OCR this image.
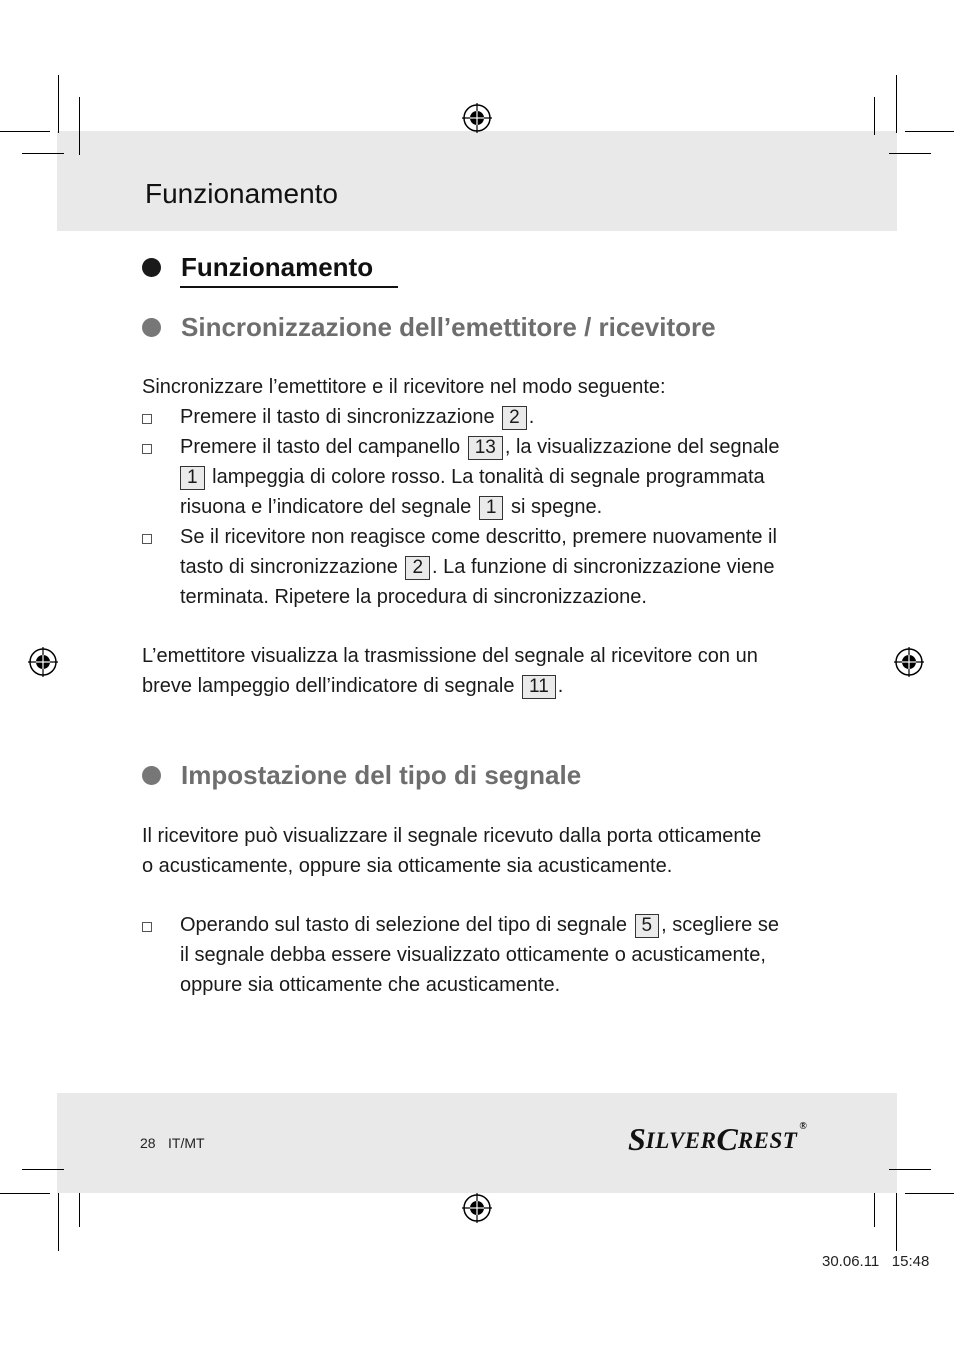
Funzionamento
Funzionamento
Sincronizzazione dell’emettitore / ricevitore
Sincronizzare l’emettitore e il ricevitore nel modo seguente:
Premere il tasto di sincronizzazione 2 .
Premere il tasto del campanello 13 , la visualizzazione del segnale
1 lampeggia di colore rosso. La tonalità di segnale programmata
risuona e l’indicatore del segnale 1 si spegne.
Se il ricevitore non reagisce come descritto, premere nuovamente il
tasto di sincronizzazione 2 . La funzione di sincronizzazione viene
terminata. Ripetere la procedura di sincronizzazione.
L’emettitore visualizza la trasmissione del segnale al ricevitore con un
breve lampeggio dell’indicatore di segnale 11 .
Impostazione del tipo di segnale
Il ricevitore può visualizzare il segnale ricevuto dalla porta otticamente
o acusticamente, oppure sia otticamente sia acusticamente.
Operando sul tasto di selezione del tipo di segnale 5 , scegliere se
il segnale debba essere visualizzato otticamente o acusticamente,
oppure sia otticamente che acusticamente.
28 IT/MT	S ILVER C REST
®
30.06.11 15:48
